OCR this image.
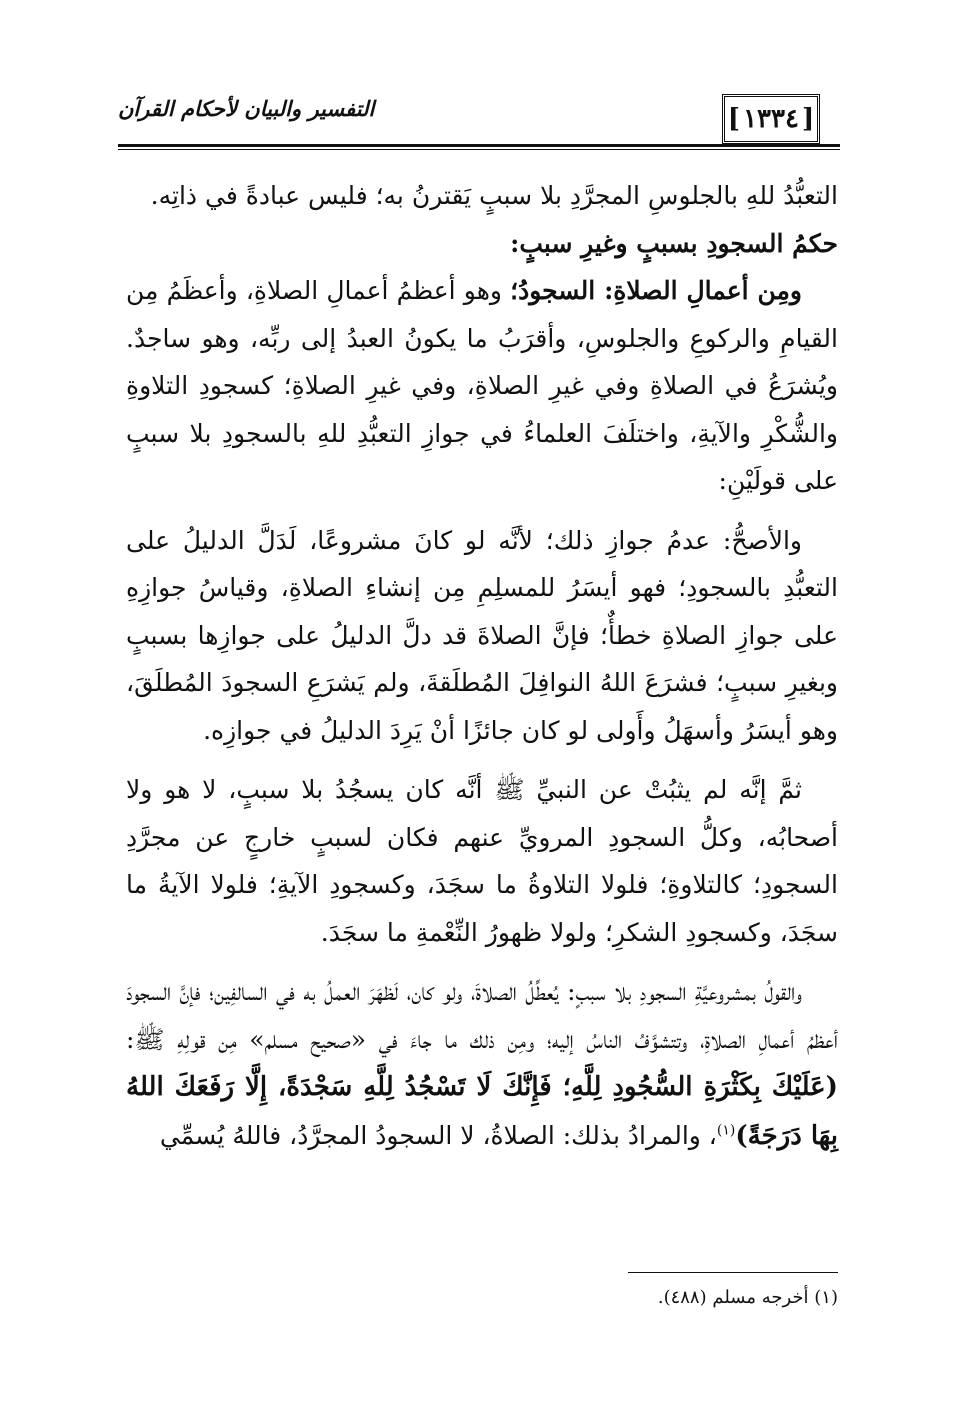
التفسير والبيان لأحكام القرآن
[	١٣٣٤ ]

التعبُّدُ للهِ بالجلوسِ المجرَّدِ بلا سببٍ يَقترنُ به؛ فليس عبادةً في ذاتِه.

حكمُ السجودِ بسببٍ وغيرِ سببٍ:

ومِن أعمالِ الصلاةِ: السجودُ؛ وهو أعظمُ أعمالِ الصلاةِ، وأعظَمُ مِن القيامِ والركوعِ والجلوسِ، وأقرَبُ ما يكونُ العبدُ إلى ربِّه، وهو ساجدٌ. ويُشرَعُ في الصلاةِ وفي غيرِ الصلاةِ، وفي غيرِ الصلاةِ؛ كسجودِ التلاوةِ والشُّكْرِ والآيةِ، واختلَفَ العلماءُ في جوازِ التعبُّدِ للهِ بالسجودِ بلا سببٍ على قولَيْنِ:

والأصحُّ: عدمُ جوازِ ذلك؛ لأنَّه لو كانَ مشروعًا، لَدَلَّ الدليلُ على التعبُّدِ بالسجودِ؛ فهو أيسَرُ للمسلِمِ مِن إنشاءِ الصلاةِ، وقياسُ جوازِهِ على جوازِ الصلاةِ خطأٌ؛ فإنَّ الصلاةَ قد دلَّ الدليلُ على جوازِها بسببٍ وبغيرِ سببٍ؛ فشرَعَ اللهُ النوافِلَ المُطلَقةَ، ولم يَشرَعِ السجودَ المُطلَقَ، وهو أيسَرُ وأسهَلُ وأَولى لو كان جائزًا أنْ يَرِدَ الدليلُ في جوازِه.

ثمَّ إنَّه لم يثبُتْ عن النبيِّ ﷺ أنَّه كان يسجُدُ بلا سببٍ، لا هو ولا أصحابُه، وكلُّ السجودِ المرويِّ عنهم فكان لسببٍ خارجٍ عن مجرَّدِ السجودِ؛ كالتلاوةِ؛ فلولا التلاوةُ ما سجَدَ، وكسجودِ الآيةِ؛ فلولا الآيةُ ما سجَدَ، وكسجودِ الشكرِ؛ ولولا ظهورُ النِّعْمةِ ما سجَدَ.

والقولُ بمشروعيَّةِ السجودِ بلا سببٍ: يُعطِّلُ الصلاةَ، ولو كان، لَظهَرَ العملُ به في السالفِين؛ فإنَّ السجودَ أعظمُ أعمالِ الصلاةِ، وتتشوَّفُ الناسُ إليه؛ ومِن ذلك ما جاءَ في «صحيح مسلم» مِن قولِهِ ﷺ: (عَلَيْكَ بِكَثْرَةِ السُّجُودِ لِلَّهِ؛ فَإِنَّكَ لَا تَسْجُدُ لِلَّهِ سَجْدَةً، إِلَّا رَفَعَكَ اللهُ بِهَا دَرَجَةً)$^{(١)}$، والمرادُ بذلك: الصلاةُ، لا السجودُ المجرَّدُ، فاللهُ يُسمِّي

(١) أخرجه مسلم (٤٨٨).
